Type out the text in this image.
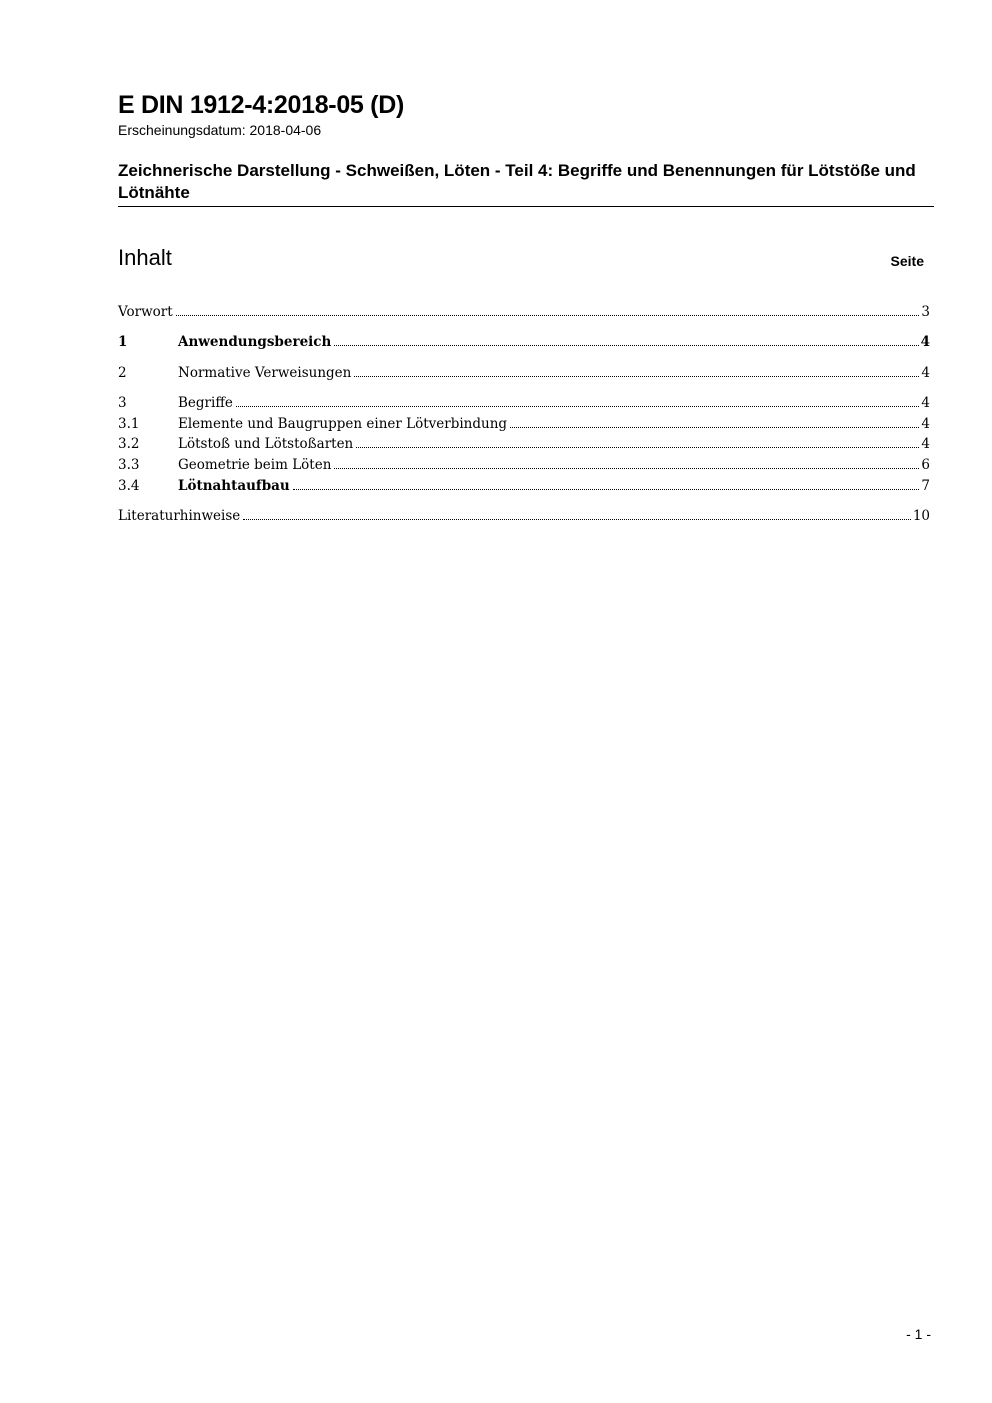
E DIN 1912-4:2018-05 (D)
Erscheinungsdatum: 2018-04-06
Zeichnerische Darstellung - Schweißen, Löten - Teil 4: Begriffe und Benennungen für Lötstöße und Lötnähte
Inhalt	Seite
Vorwort	3
1	Anwendungsbereich	4
2	Normative Verweisungen	4
3	Begriffe	4
3.1	Elemente und Baugruppen einer Lötverbindung	4
3.2	Lötstoß und Lötstoßarten	4
3.3	Geometrie beim Löten	6
3.4	Lötnahtaufbau	7
Literaturhinweise	10
- 1 -
